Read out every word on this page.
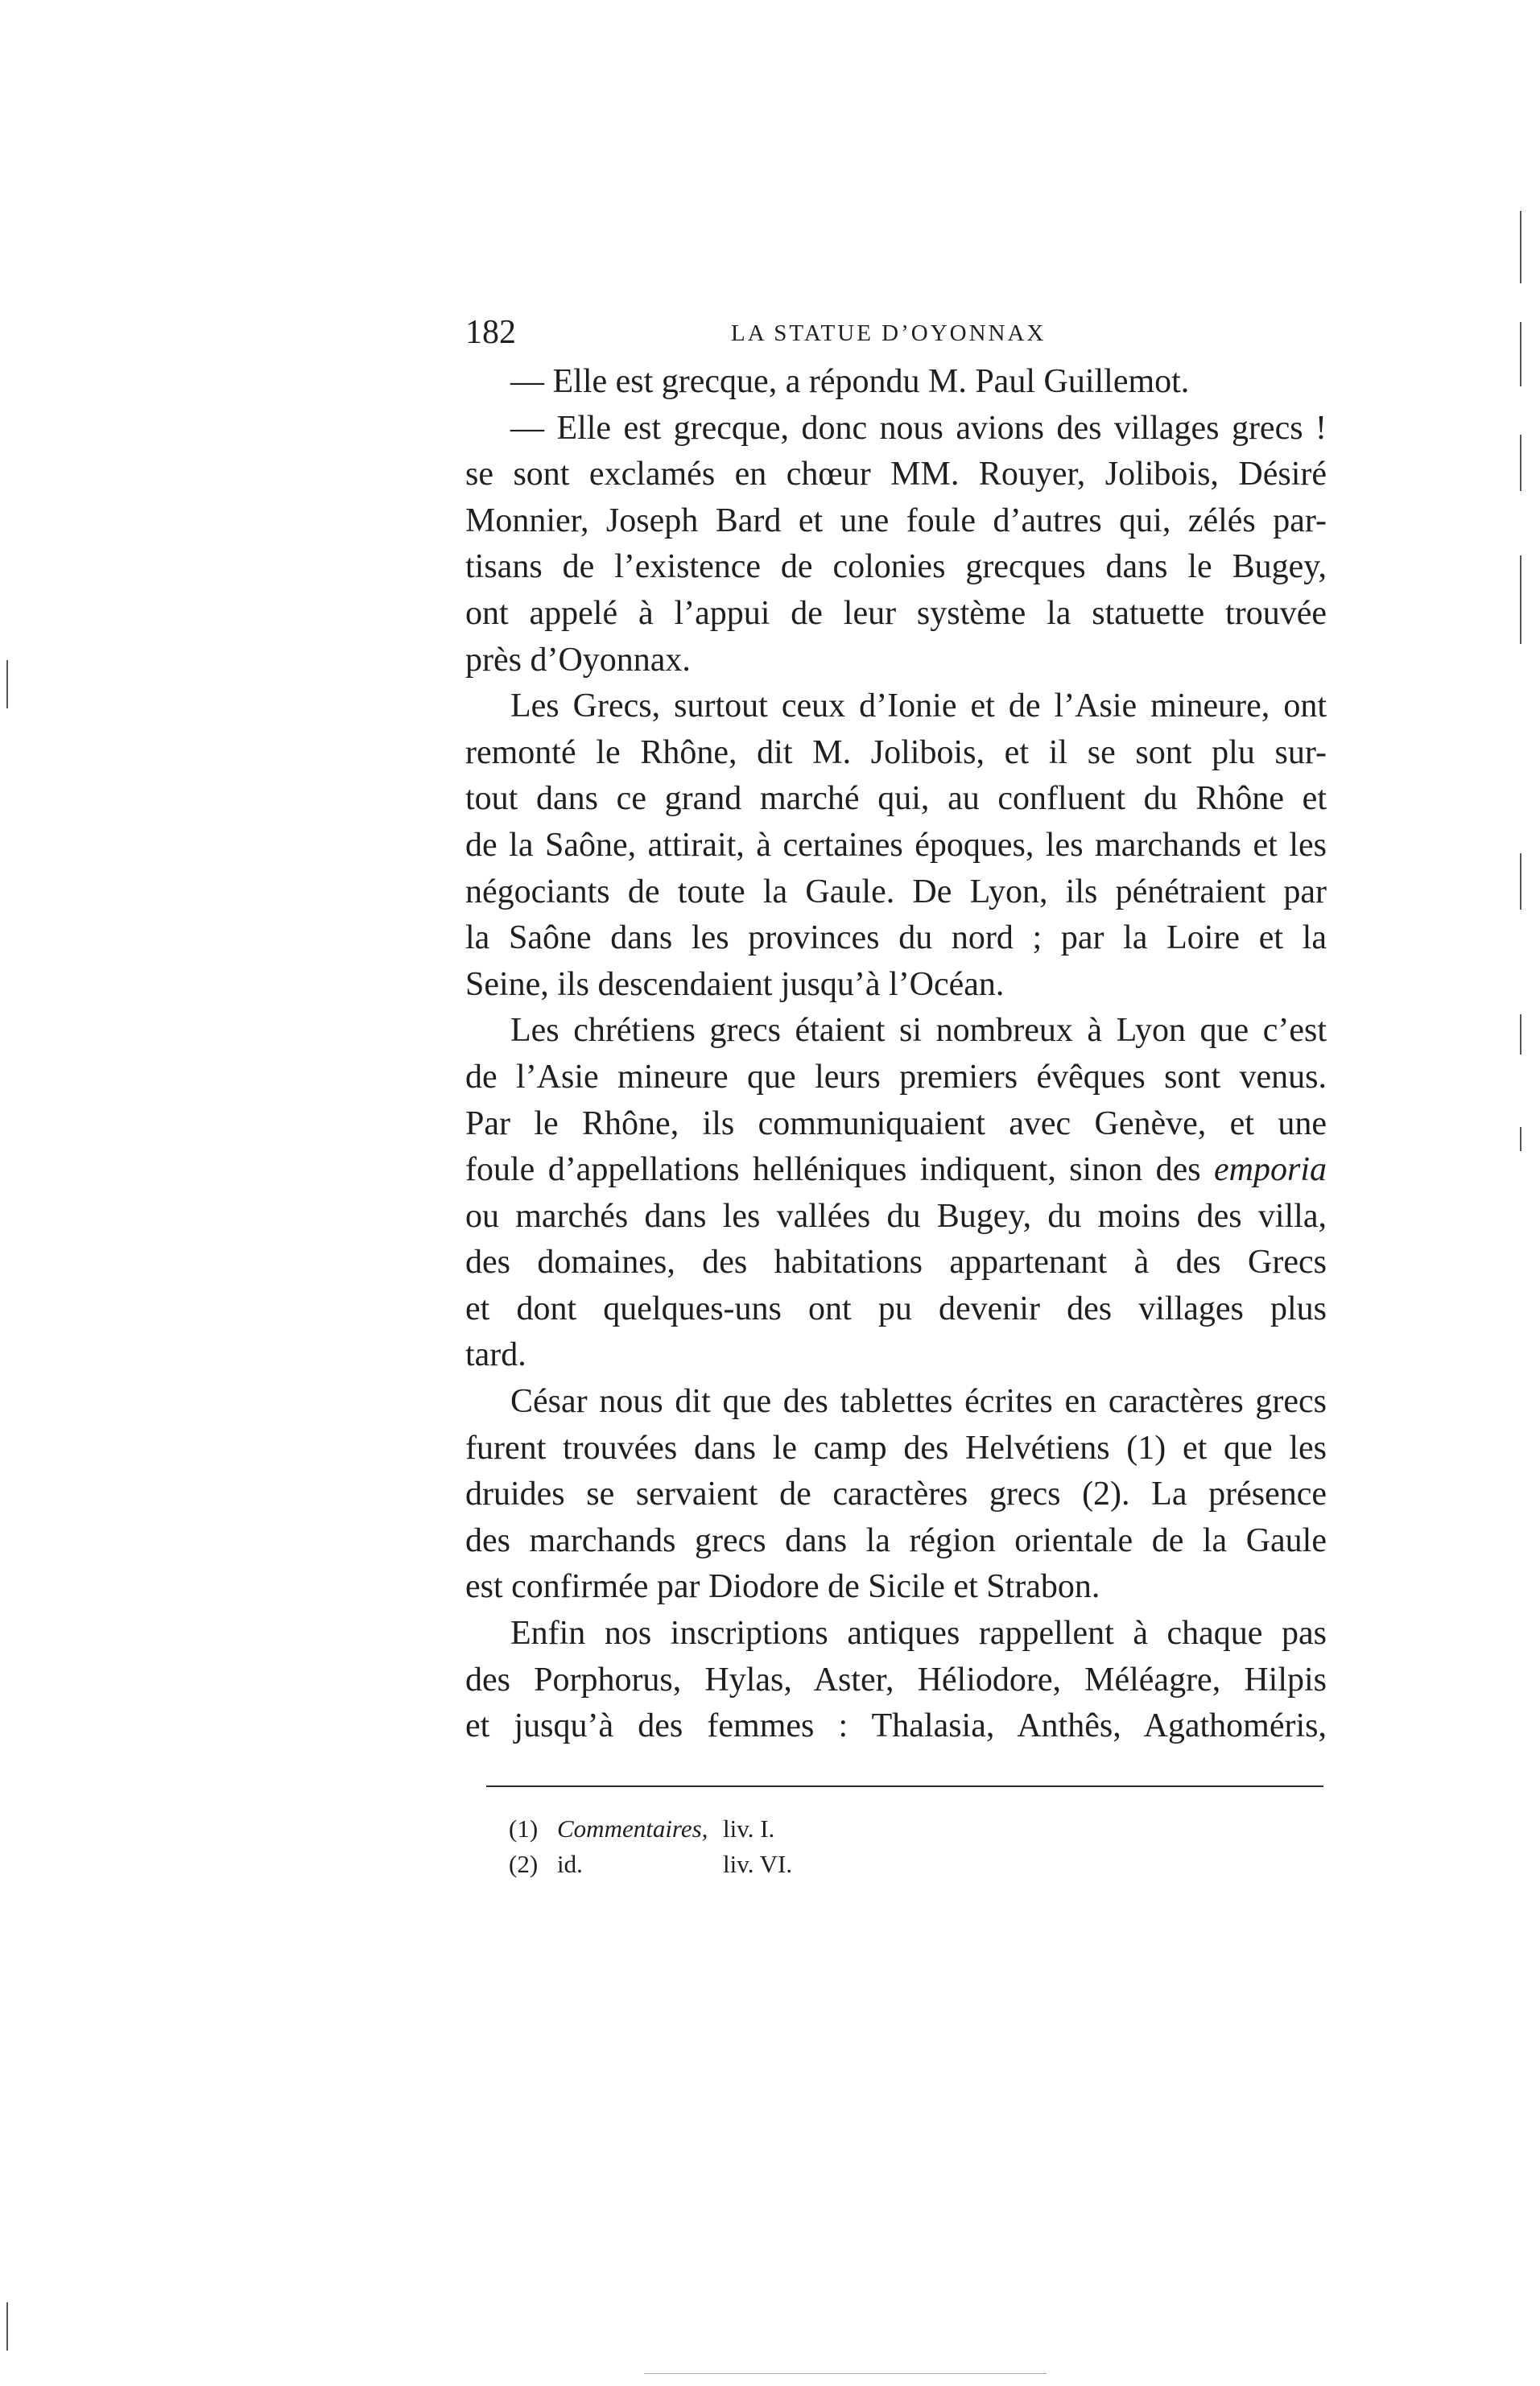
182	LA STATUE D’OYONNAX
— Elle est grecque, a répondu M. Paul Guillemot.
— Elle est grecque, donc nous avions des villages grecs !
se sont exclamés en chœur MM. Rouyer, Jolibois, Désiré
Monnier, Joseph Bard et une foule d’autres qui, zélés par-
tisans de l’existence de colonies grecques dans le Bugey,
ont appelé à l’appui de leur système la statuette trouvée
près d’Oyonnax.
Les Grecs, surtout ceux d’Ionie et de l’Asie mineure, ont
remonté le Rhône, dit M. Jolibois, et il se sont plu sur-
tout dans ce grand marché qui, au confluent du Rhône et
de la Saône, attirait, à certaines époques, les marchands et les
négociants de toute la Gaule. De Lyon, ils pénétraient par
la Saône dans les provinces du nord ; par la Loire et la
Seine, ils descendaient jusqu’à l’Océan.
Les chrétiens grecs étaient si nombreux à Lyon que c’est
de l’Asie mineure que leurs premiers évêques sont venus.
Par le Rhône, ils communiquaient avec Genève, et une
foule d’appellations helléniques indiquent, sinon des emporia
ou marchés dans les vallées du Bugey, du moins des villa,
des domaines, des habitations appartenant à des Grecs
et dont quelques-uns ont pu devenir des villages plus
tard.
César nous dit que des tablettes écrites en caractères grecs
furent trouvées dans le camp des Helvétiens (1) et que les
druides se servaient de caractères grecs (2). La présence
des marchands grecs dans la région orientale de la Gaule
est confirmée par Diodore de Sicile et Strabon.
Enfin nos inscriptions antiques rappellent à chaque pas
des Porphorus, Hylas, Aster, Héliodore, Méléagre, Hilpis
et jusqu’à des femmes : Thalasia, Anthês, Agathoméris,
(1) Commentaires, liv. I.
(2) id.	liv. VI.
